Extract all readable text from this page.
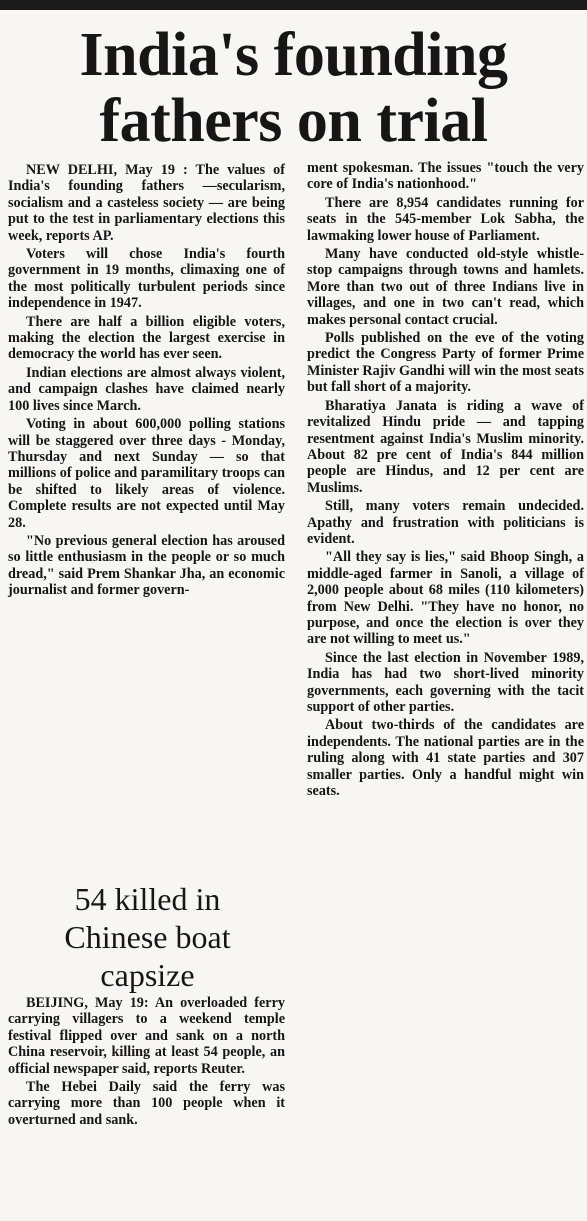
India's founding
fathers on trial

NEW DELHI, May 19 : The values of India's founding fathers —secularism, socialism and a casteless society — are being put to the test in parliamentary elections this week, reports AP.

Voters will chose India's fourth government in 19 months, climaxing one of the most politically turbulent periods since independence in 1947.

There are half a billion eligible voters, making the election the largest exercise in democracy the world has ever seen.

Indian elections are almost always violent, and campaign clashes have claimed nearly 100 lives since March.

Voting in about 600,000 polling stations will be staggered over three days - Monday, Thursday and next Sunday — so that millions of police and paramilitary troops can be shifted to likely areas of violence. Complete results are not expected until May 28.

"No previous general election has aroused so little enthusiasm in the people or so much dread," said Prem Shankar Jha, an economic journalist and former govern-

54 killed in
Chinese boat
capsize

BEIJING, May 19: An overloaded ferry carrying villagers to a weekend temple festival flipped over and sank on a north China reservoir, killing at least 54 people, an official newspaper said, reports Reuter.

The Hebei Daily said the ferry was carrying more than 100 people when it overturned and sank.

ment spokesman. The issues "touch the very core of India's nationhood."

There are 8,954 candidates running for seats in the 545-member Lok Sabha, the lawmaking lower house of Parliament.

Many have conducted old-style whistle-stop campaigns through towns and hamlets. More than two out of three Indians live in villages, and one in two can't read, which makes personal contact crucial.

Polls published on the eve of the voting predict the Congress Party of former Prime Minister Rajiv Gandhi will win the most seats but fall short of a majority.

Bharatiya Janata is riding a wave of revitalized Hindu pride — and tapping resentment against India's Muslim minority. About 82 pre cent of India's 844 million people are Hindus, and 12 per cent are Muslims.

Still, many voters remain undecided. Apathy and frustration with politicians is evident.

"All they say is lies," said Bhoop Singh, a middle-aged farmer in Sanoli, a village of 2,000 people about 68 miles (110 kilometers) from New Delhi. "They have no honor, no purpose, and once the election is over they are not willing to meet us."

Since the last election in November 1989, India has had two short-lived minority governments, each governing with the tacit support of other parties.

About two-thirds of the candidates are independents. The national parties are in the ruling along with 41 state parties and 307 smaller parties. Only a handful might win seats.
